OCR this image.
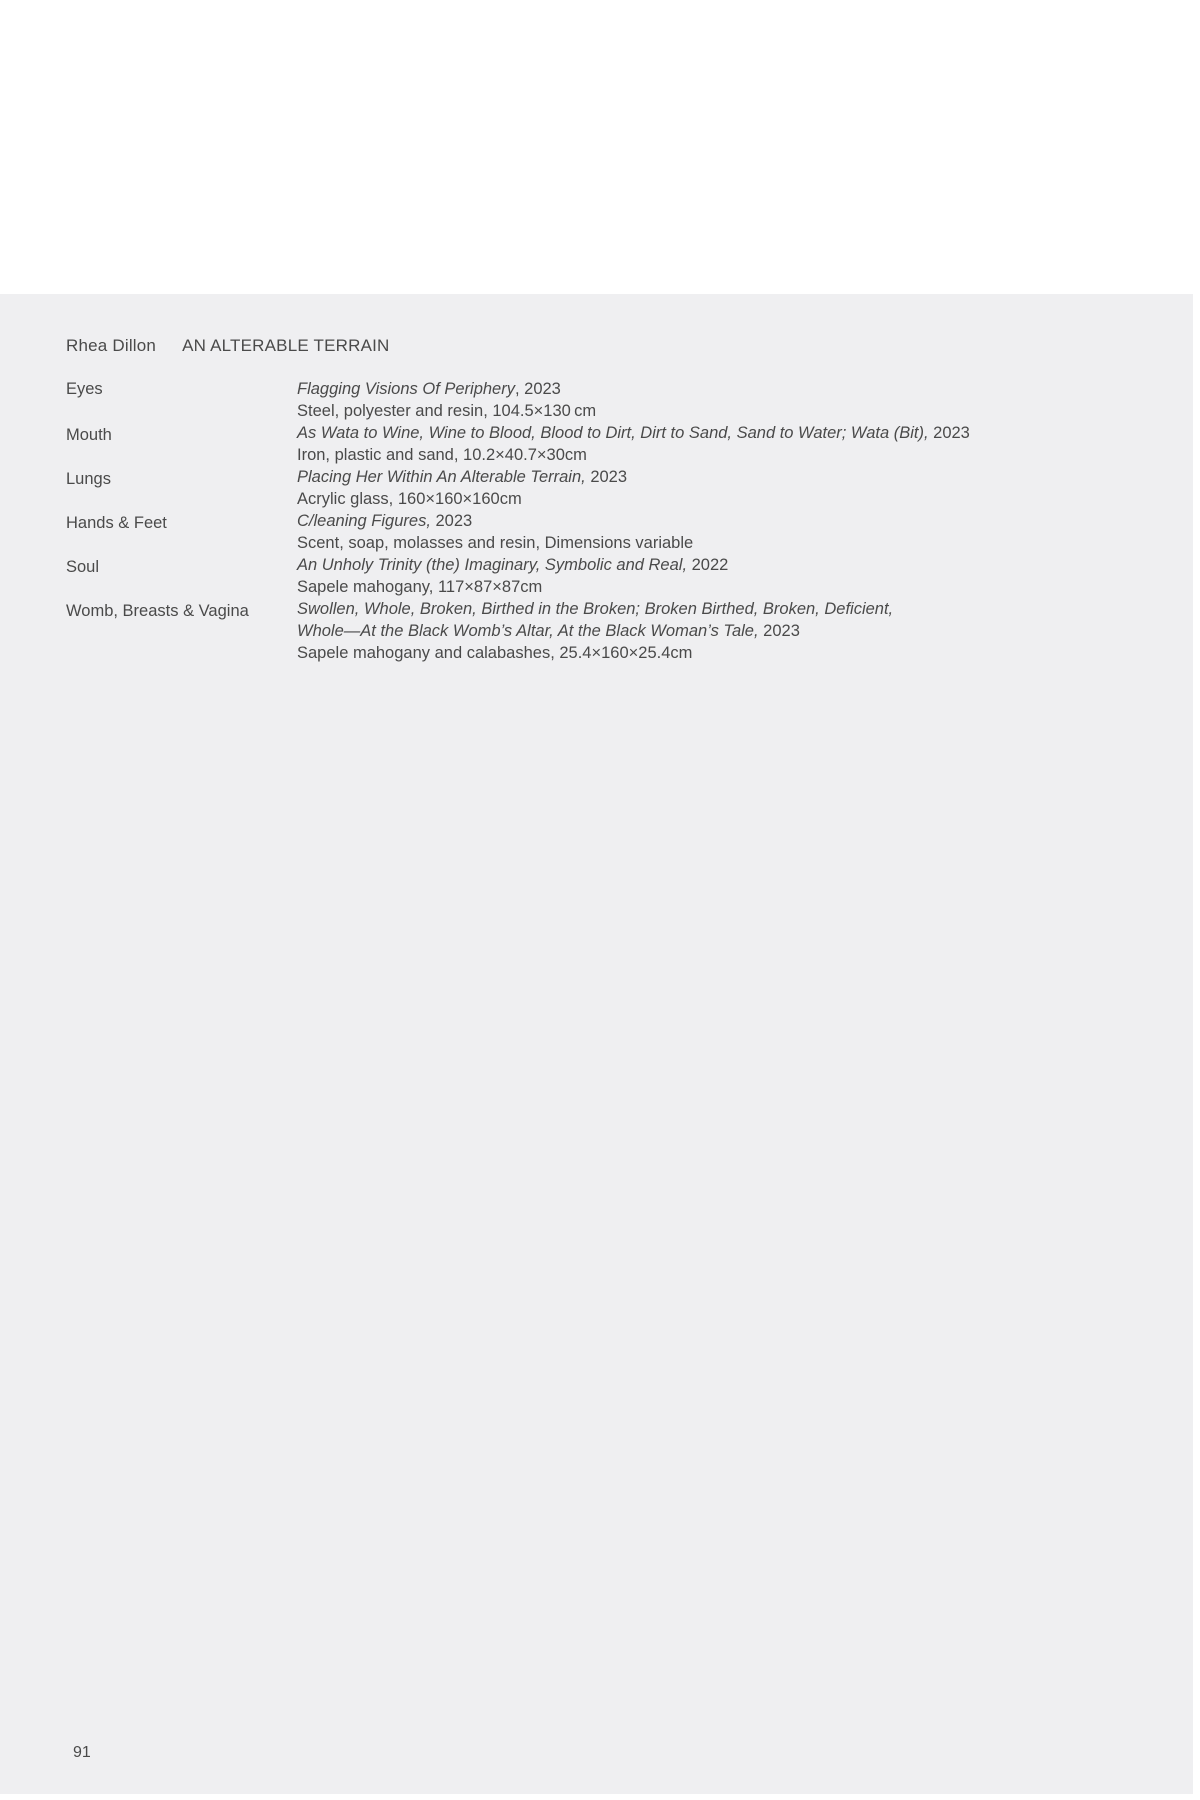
Rhea Dillon AN ALTERABLE TERRAIN
Eyes	Flagging Visions Of Periphery, 2023
Steel, polyester and resin, 104.5×130 cm
Mouth	As Wata to Wine, Wine to Blood, Blood to Dirt, Dirt to Sand, Sand to Water; Wata (Bit), 2023
Iron, plastic and sand, 10.2×40.7×30cm
Lungs	Placing Her Within An Alterable Terrain, 2023
Acrylic glass, 160×160×160cm
Hands & Feet	C/leaning Figures, 2023
Scent, soap, molasses and resin, Dimensions variable
Soul	An Unholy Trinity (the) Imaginary, Symbolic and Real, 2022
Sapele mahogany, 117×87×87cm
Womb, Breasts & Vagina	Swollen, Whole, Broken, Birthed in the Broken; Broken Birthed, Broken, Deficient,
Whole—At the Black Womb’s Altar, At the Black Woman’s Tale, 2023
Sapele mahogany and calabashes, 25.4×160×25.4cm
91
